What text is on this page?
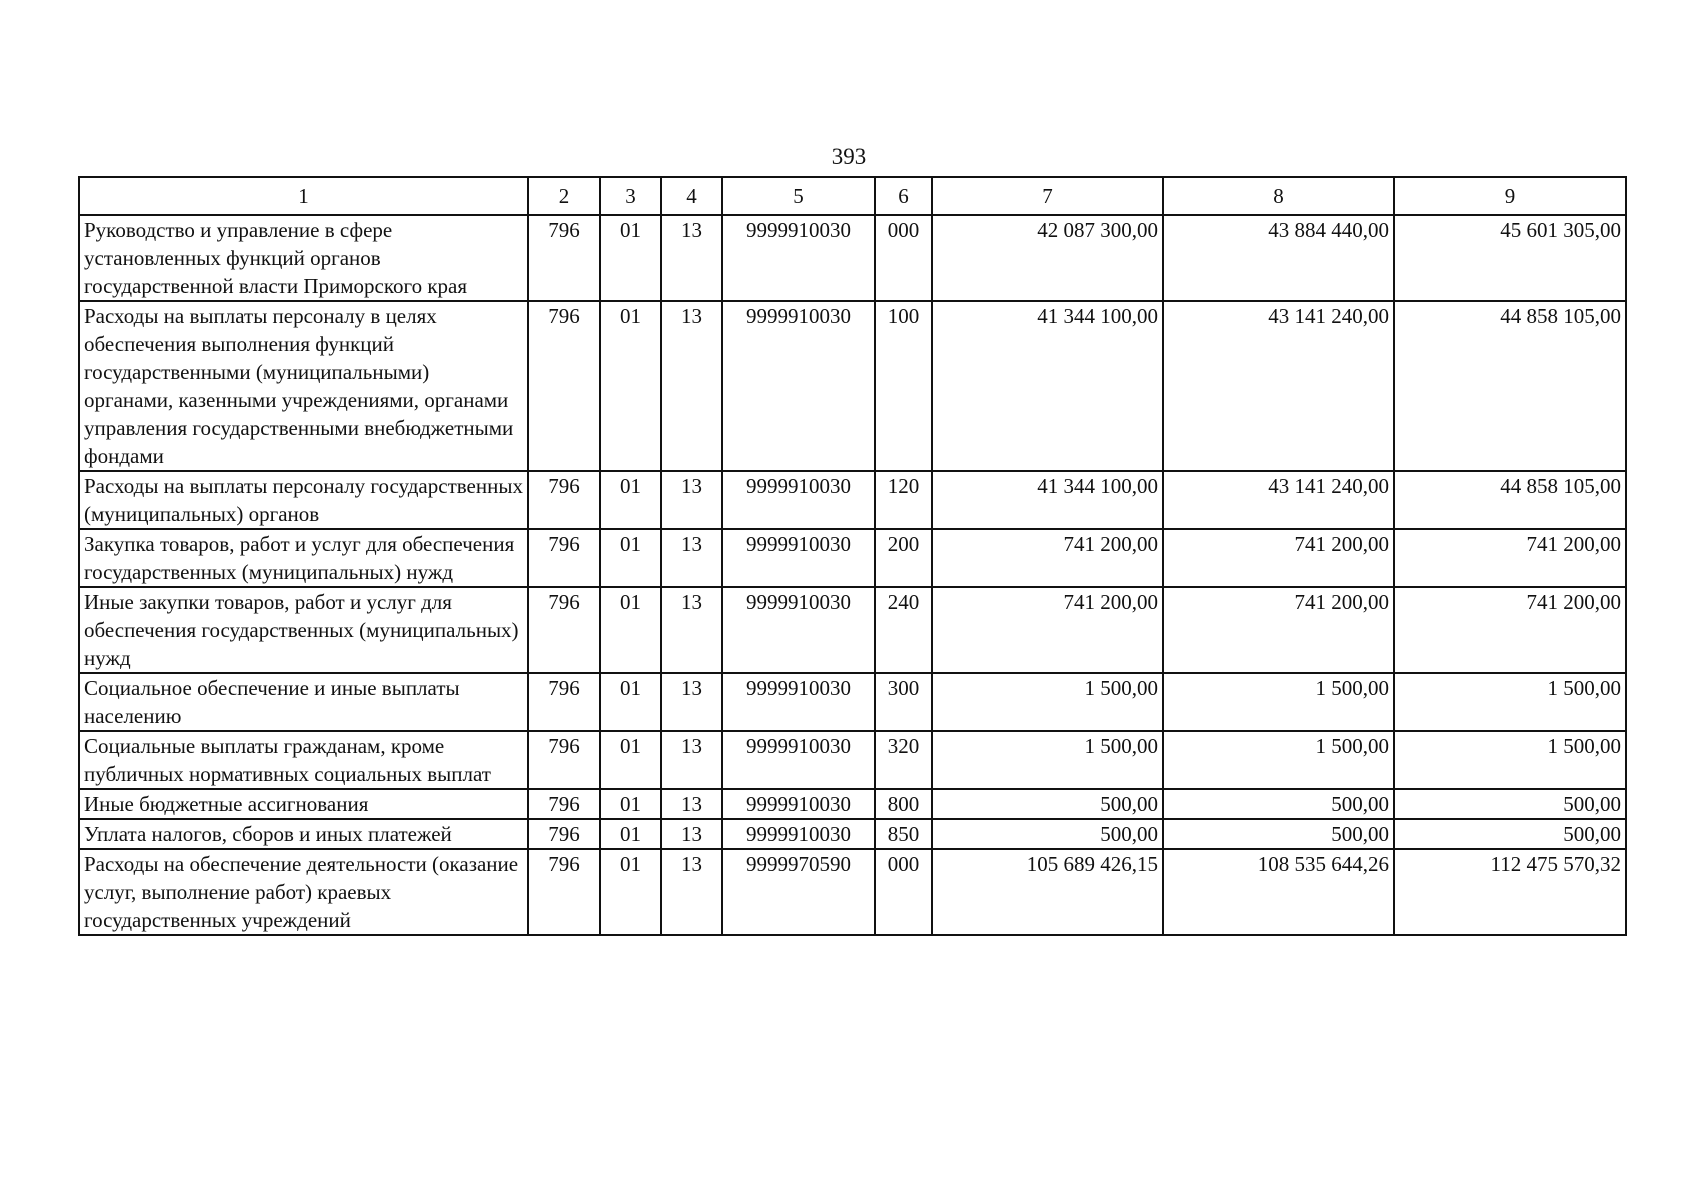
393
1	2	3	4	5	6	7	8	9
Руководство и управление в сфере установленных функций органов государственной власти Приморского края	796	01	13	9999910030	000	42 087 300,00	43 884 440,00	45 601 305,00
Расходы на выплаты персоналу в целях обеспечения выполнения функций государственными (муниципальными) органами, казенными учреждениями, органами управления государственными внебюджетными фондами	796	01	13	9999910030	100	41 344 100,00	43 141 240,00	44 858 105,00
Расходы на выплаты персоналу государственных (муниципальных) органов	796	01	13	9999910030	120	41 344 100,00	43 141 240,00	44 858 105,00
Закупка товаров, работ и услуг для обеспечения государственных (муниципальных) нужд	796	01	13	9999910030	200	741 200,00	741 200,00	741 200,00
Иные закупки товаров, работ и услуг для обеспечения государственных (муниципальных) нужд	796	01	13	9999910030	240	741 200,00	741 200,00	741 200,00
Социальное обеспечение и иные выплаты населению	796	01	13	9999910030	300	1 500,00	1 500,00	1 500,00
Социальные выплаты гражданам, кроме публичных нормативных социальных выплат	796	01	13	9999910030	320	1 500,00	1 500,00	1 500,00
Иные бюджетные ассигнования	796	01	13	9999910030	800	500,00	500,00	500,00
Уплата налогов, сборов и иных платежей	796	01	13	9999910030	850	500,00	500,00	500,00
Расходы на обеспечение деятельности (оказание услуг, выполнение работ) краевых государственных учреждений	796	01	13	9999970590	000	105 689 426,15	108 535 644,26	112 475 570,32
